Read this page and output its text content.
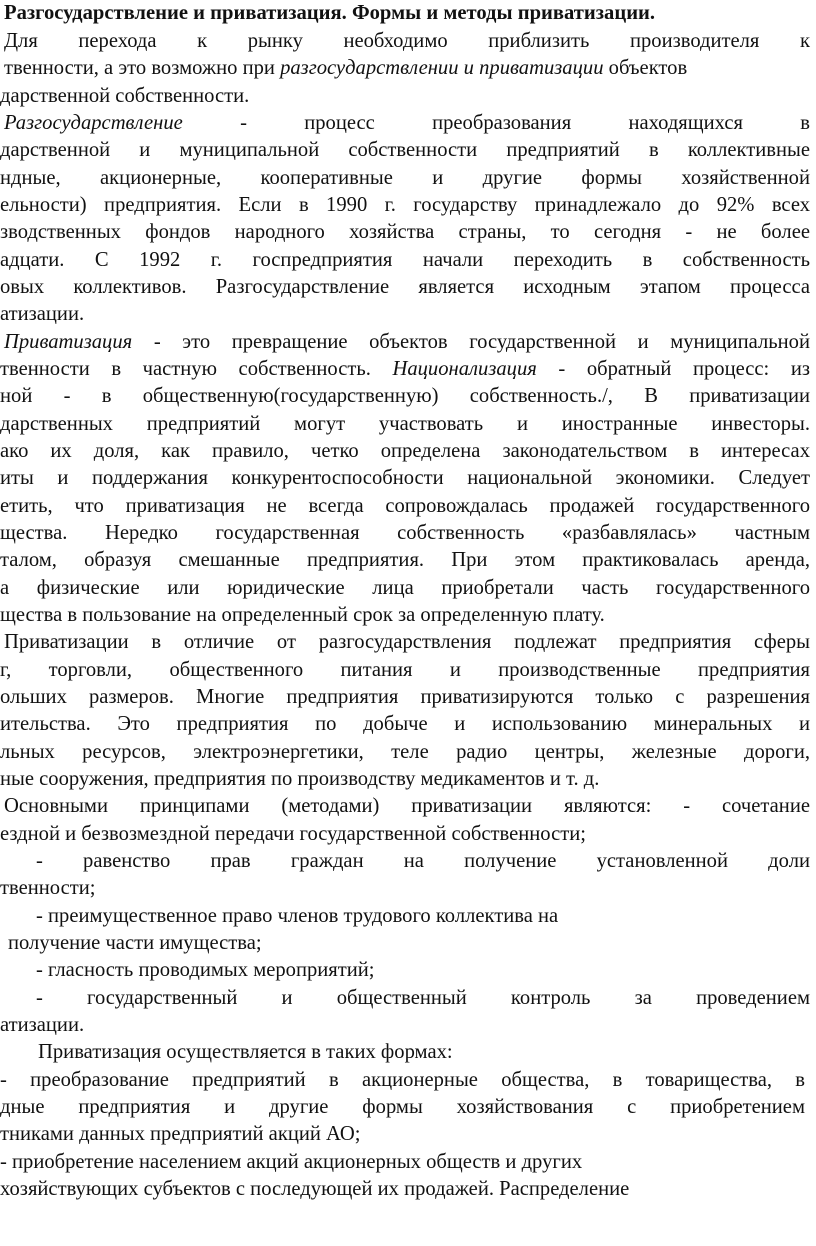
Разгосударствление и приватизация. Формы и методы приватизации.
Для перехода к рынку необходимо приблизить производителя к
твенности, а это возможно при разгосударствлении и приватизации объектов
дарственной собственности.
Разгосударствление - процесс преобразования находящихся в
дарственной и муниципальной собственности предприятий в коллективные
ндные, акционерные, кооперативные и другие формы хозяйственной
ельности) предприятия. Если в 1990 г. государству принадлежало до 92% всех
зводственных фондов народного хозяйства страны, то сегодня - не более
адцати. С 1992 г. госпредприятия начали переходить в собственность
овых коллективов. Разгосударствление является исходным этапом процесса
атизации.
Приватизация - это превращение объектов государственной и муниципальной
твенности в частную собственность. Национализация - обратный процесс: из
ной - в общественную(государственную) собственность./, В приватизации
дарственных предприятий могут участвовать и иностранные инвесторы.
ако их доля, как правило, четко определена законодательством в интересах
иты и поддержания конкурентоспособности национальной экономики. Следует
етить, что приватизация не всегда сопровождалась продажей государственного
щества. Нередко государственная собственность «разбавлялась» частным
талом, образуя смешанные предприятия. При этом практиковалась аренда,
а физические или юридические лица приобретали часть государственного
щества в пользование на определенный срок за определенную плату.
Приватизации в отличие от разгосударствления подлежат предприятия сферы
г, торговли, общественного питания и производственные предприятия
ольших размеров. Многие предприятия приватизируются только с разрешения
ительства. Это предприятия по добыче и использованию минеральных и
льных ресурсов, электроэнергетики, теле радио центры, железные дороги,
ные сооружения, предприятия по производству медикаментов и т. д.
Основными принципами (методами) приватизации являются: - сочетание
ездной и безвозмездной передачи государственной собственности;
- равенство прав граждан на получение установленной доли
твенности;
- преимущественное право членов трудового коллектива на
получение части имущества;
- гласность проводимых мероприятий;
- государственный и общественный контроль за проведением
атизации.
Приватизация осуществляется в таких формах:
- преобразование предприятий в акционерные общества, в товарищества, в
дные предприятия и другие формы хозяйствования с приобретением
тниками данных предприятий акций АО;
- приобретение населением акций акционерных обществ и других
хозяйствующих субъектов с последующей их продажей. Распределение
